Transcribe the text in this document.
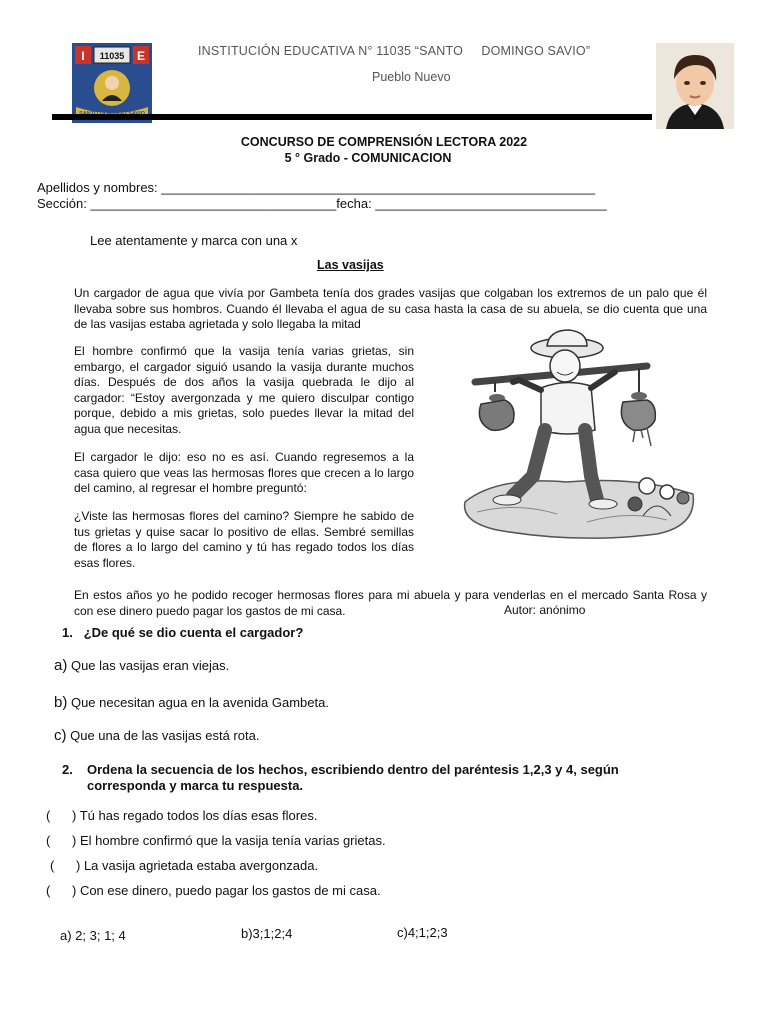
I	E
11035	INSTITUCIÓN EDUCATIVA N° 11035 “SANTO     DOMINGO SAVIO”
Pueblo Nuevo
CONCURSO DE COMPRENSIÓN LECTORA 2022
5 ° Grado - COMUNICACION
Apellidos y nombres: ____________________________________________________________
Sección: __________________________________fecha: ________________________________
Lee atentamente y marca con una x
Las vasijas
Un cargador de agua que vivía por Gambeta tenía dos grades vasijas que colgaban los extremos de un palo que él llevaba sobre sus hombros. Cuando él llevaba el agua de su casa hasta la casa de su abuela, se dio cuenta que una de las vasijas estaba agrietada y solo llegaba la mitad
El hombre confirmó que la vasija tenía varias grietas, sin embargo, el cargador siguió usando la vasija durante muchos días. Después de dos años la vasija quebrada le dijo al cargador: “Estoy avergonzada y me quiero disculpar contigo porque, debido a mis grietas, solo puedes llevar la mitad del agua que necesitas.
El cargador le dijo: eso no es así. Cuando regresemos a la casa quiero que veas las hermosas flores que crecen a lo largo del camino, al regresar el hombre preguntó:
¿Viste las hermosas flores del camino? Siempre he sabido de tus grietas y quise sacar lo positivo de ellas. Sembré semillas de flores a lo largo del camino y tú has regado todos los días esas flores.
En estos años yo he podido recoger hermosas flores para mi abuela y para venderlas en el mercado Santa Rosa y con ese dinero puedo pagar los gastos de mi casa.	Autor: anónimo
1. ¿De qué se dio cuenta el cargador?
a) Que las vasijas eran viejas.
b) Que necesitan agua en la avenida Gambeta.
c) Que una de las vasijas está rota.
2. Ordena la secuencia de los hechos, escribiendo dentro del paréntesis 1,2,3 y 4, según corresponda y marca tu respuesta.
(      ) Tú has regado todos los días esas flores.
(      ) El hombre confirmó que la vasija tenía varias grietas.
(      ) La vasija agrietada estaba avergonzada.
(      ) Con ese dinero, puedo pagar los gastos de mi casa.
a) 2; 3; 1; 4	b)3;1;2;4	c)4;1;2;3
